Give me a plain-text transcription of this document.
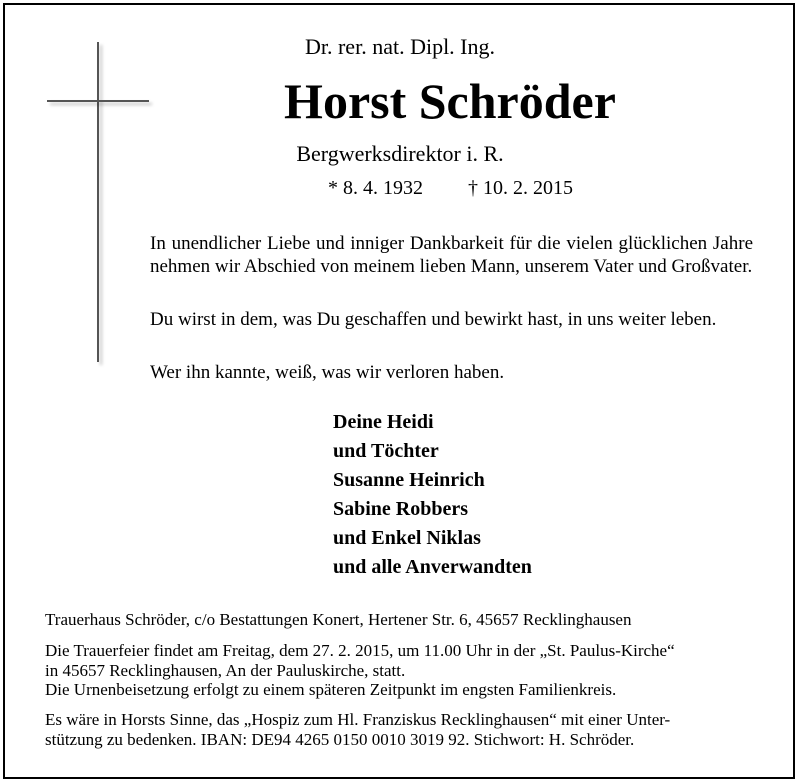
Dr. rer. nat. Dipl. Ing.
Horst Schröder
Bergwerksdirektor i. R.
* 8. 4. 1932 † 10. 2. 2015
In unendlicher Liebe und inniger Dankbarkeit für die vielen glücklichen Jahre nehmen wir Abschied von meinem lieben Mann, unserem Vater und Großvater.
Du wirst in dem, was Du geschaffen und bewirkt hast, in uns weiter leben.
Wer ihn kannte, weiß, was wir verloren haben.
Deine Heidi
und Töchter
Susanne Heinrich
Sabine Robbers
und Enkel Niklas
und alle Anverwandten
Trauerhaus Schröder, c/o Bestattungen Konert, Hertener Str. 6, 45657 Recklinghausen
Die Trauerfeier findet am Freitag, dem 27. 2. 2015, um 11.00 Uhr in der „St. Paulus-Kirche“
in 45657 Recklinghausen, An der Pauluskirche, statt.
Die Urnenbeisetzung erfolgt zu einem späteren Zeitpunkt im engsten Familienkreis.
Es wäre in Horsts Sinne, das „Hospiz zum Hl. Franziskus Recklinghausen“ mit einer Unter-
stützung zu bedenken. IBAN: DE94 4265 0150 0010 3019 92. Stichwort: H. Schröder.
